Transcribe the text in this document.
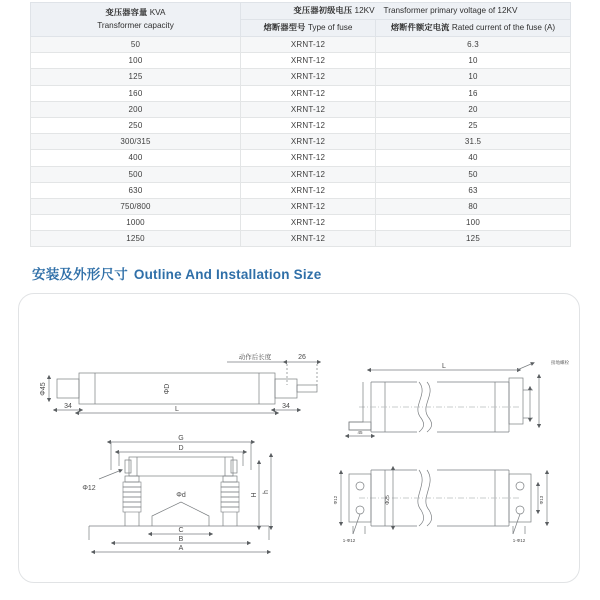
变压器容量 KVA
Transformer capacity	变压器初级电压 12KV Transformer primary voltage of 12KV	
	熔断器型号 Type of fuse	熔断件额定电流 Rated current of the fuse (A)
50	XRNT-12	6.3
100	XRNT-12	10
125	XRNT-12	10
160	XRNT-12	16
200	XRNT-12	20
250	XRNT-12	25
300/315	XRNT-12	31.5
400	XRNT-12	40
500	XRNT-12	50
630	XRNT-12	63
750/800	XRNT-12	80
1000	XRNT-12	100
1250	XRNT-12	125
安装及外形尺寸 Outline And Installation Size
Φ45	ΦD
34	L	34
动作后长度	26
G
D
Φ12
Φd
C
B
A
H
h
L
接地螺栓
45
Φ12	Φ25	Φ13
1-Φ12
1-Φ12
